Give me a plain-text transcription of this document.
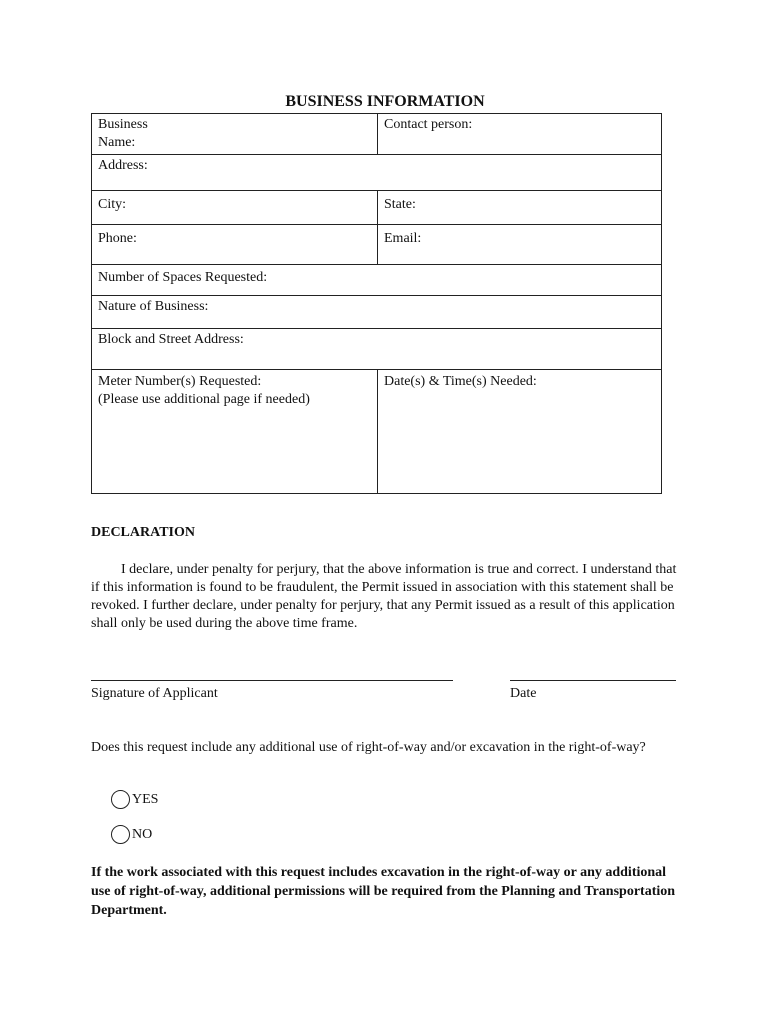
BUSINESS INFORMATION
Business Name:	Contact person:
Address:	
City:	State:
Phone:	Email:
Number of Spaces Requested:	
Nature of Business:	
Block and Street Address:	

Meter Number(s) Requested:
(Please use additional page if needed)	Date(s) & Time(s) Needed:
DECLARATION
I declare, under penalty for perjury, that the above information is true and correct. I understand that if this information is found to be fraudulent, the Permit issued in association with this statement shall be revoked. I further declare, under penalty for perjury, that any Permit issued as a result of this application shall only be used during the above time frame.
Signature of Applicant	Date
Does this request include any additional use of right-of-way and/or excavation in the right-of-way?
YES
NO
If the work associated with this request includes excavation in the right-of-way or any additional use of right-of-way, additional permissions will be required from the Planning and Transportation Department.
